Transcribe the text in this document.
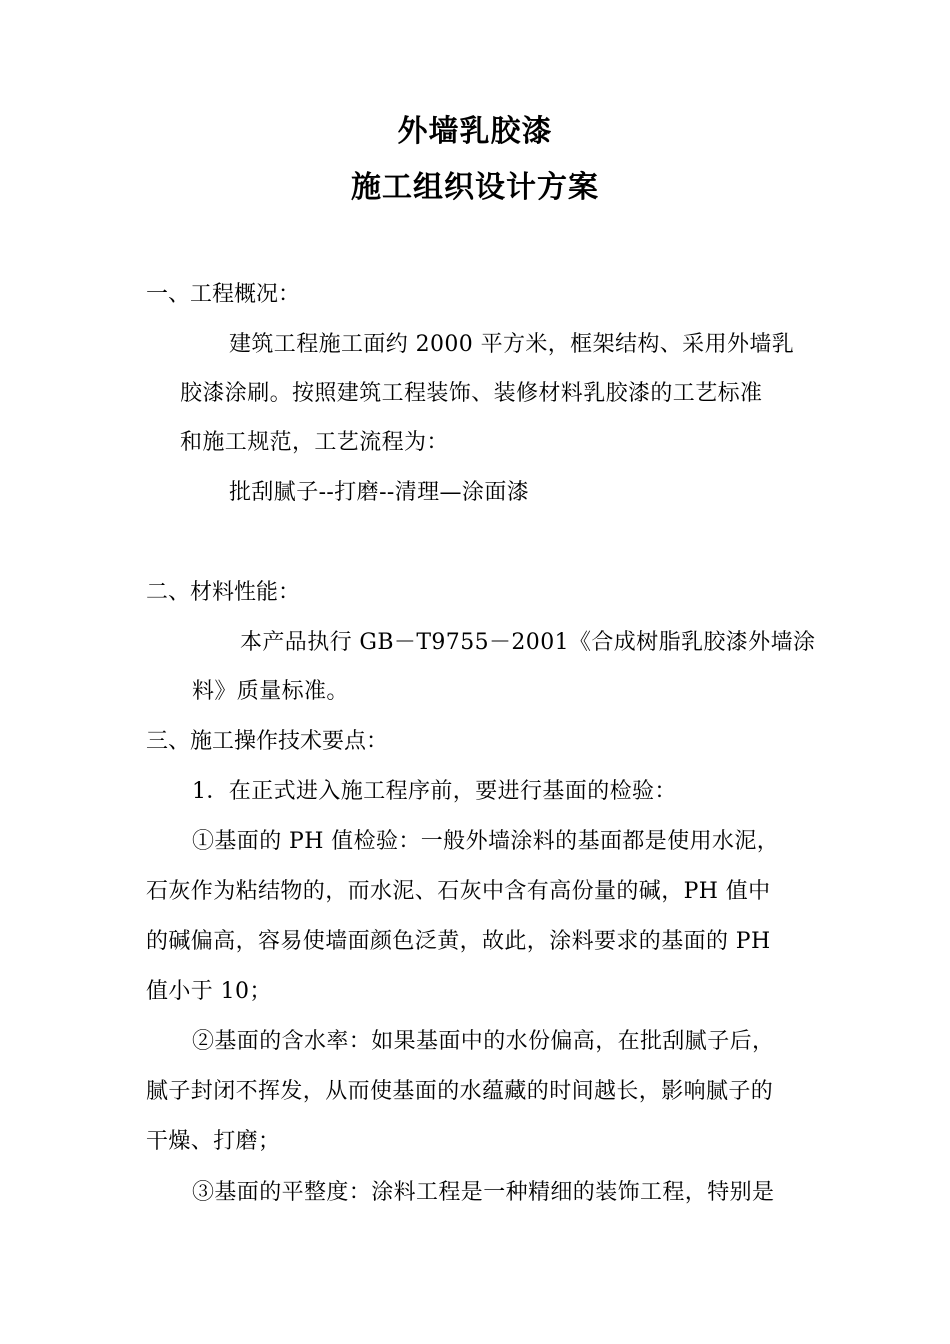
外墙乳胶漆
施工组织设计方案
一、工程概况：
建筑工程施工面约 2000 平方米，框架结构、采用外墙乳
胶漆涂刷。按照建筑工程装饰、装修材料乳胶漆的工艺标准
和施工规范，工艺流程为：
批刮腻子--打磨--清理—涂面漆
二、材料性能：
本产品执行 GB－T9755－2001《合成树脂乳胶漆外墙涂
料》质量标准。
三、施工操作技术要点：
1．在正式进入施工程序前，要进行基面的检验：
①基面的 PH 值检验：一般外墙涂料的基面都是使用水泥，
石灰作为粘结物的，而水泥、石灰中含有高份量的碱，PH 值中
的碱偏高，容易使墙面颜色泛黄，故此，涂料要求的基面的 PH
值小于 10；
②基面的含水率：如果基面中的水份偏高，在批刮腻子后，
腻子封闭不挥发，从而使基面的水蕴藏的时间越长，影响腻子的
干燥、打磨；
③基面的平整度：涂料工程是一种精细的装饰工程，特别是
